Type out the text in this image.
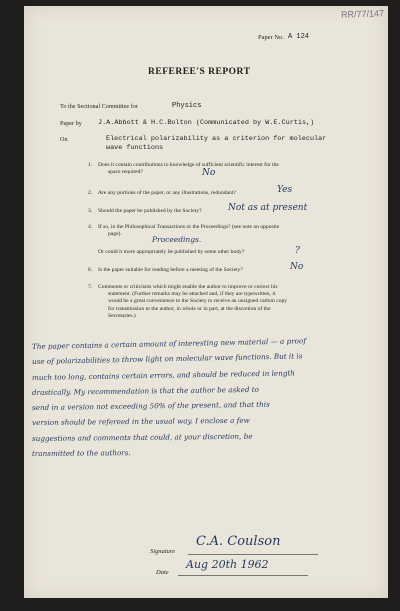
RR/77/147
Paper No. A 124
REFEREE'S REPORT
To the Sectional Committee for	Physics
Paper by J.A.Abbott & H.C.Bolton (Communicated by W.E.Curtis,)
On	Electrical polarizability as a criterion for molecular
wave functions
1. Does it contain contributions to knowledge of sufficient scientific interest for the
space required?	No
2. Are any portions of the paper, or any illustrations, redundant?	Yes
3. Should the paper be published by the Society?	Not as at present
4. If so, in the Philosophical Transactions or the Proceedings? (see note on opposite
page).
Proceedings.
Or could it more appropriately be published by some other body?	?
6. Is the paper suitable for reading before a meeting of the Society?	No
7. Comments or criticisms which might enable the author to improve or correct his
statement. (Further remarks may be attached and, if they are typewritten, it
would be a great convenience to the Society to receive an unsigned carbon copy
for transmission to the author, in whole or in part, at the discretion of the
Secretaries.)
The paper contains a certain amount of interesting new material — a proof
use of polarizabilities to throw light on molecular wave functions. But it is
much too long, contains certain errors, and should be reduced in length
drastically. My recommendation is that the author be asked to
send in a version not exceeding 50% of the present, and that this
version should be refereed in the usual way. I enclose a few
suggestions and comments that could, at your discretion, be
transmitted to the authors.
Signature
C.A. Coulson
Date
Aug 20th 1962
